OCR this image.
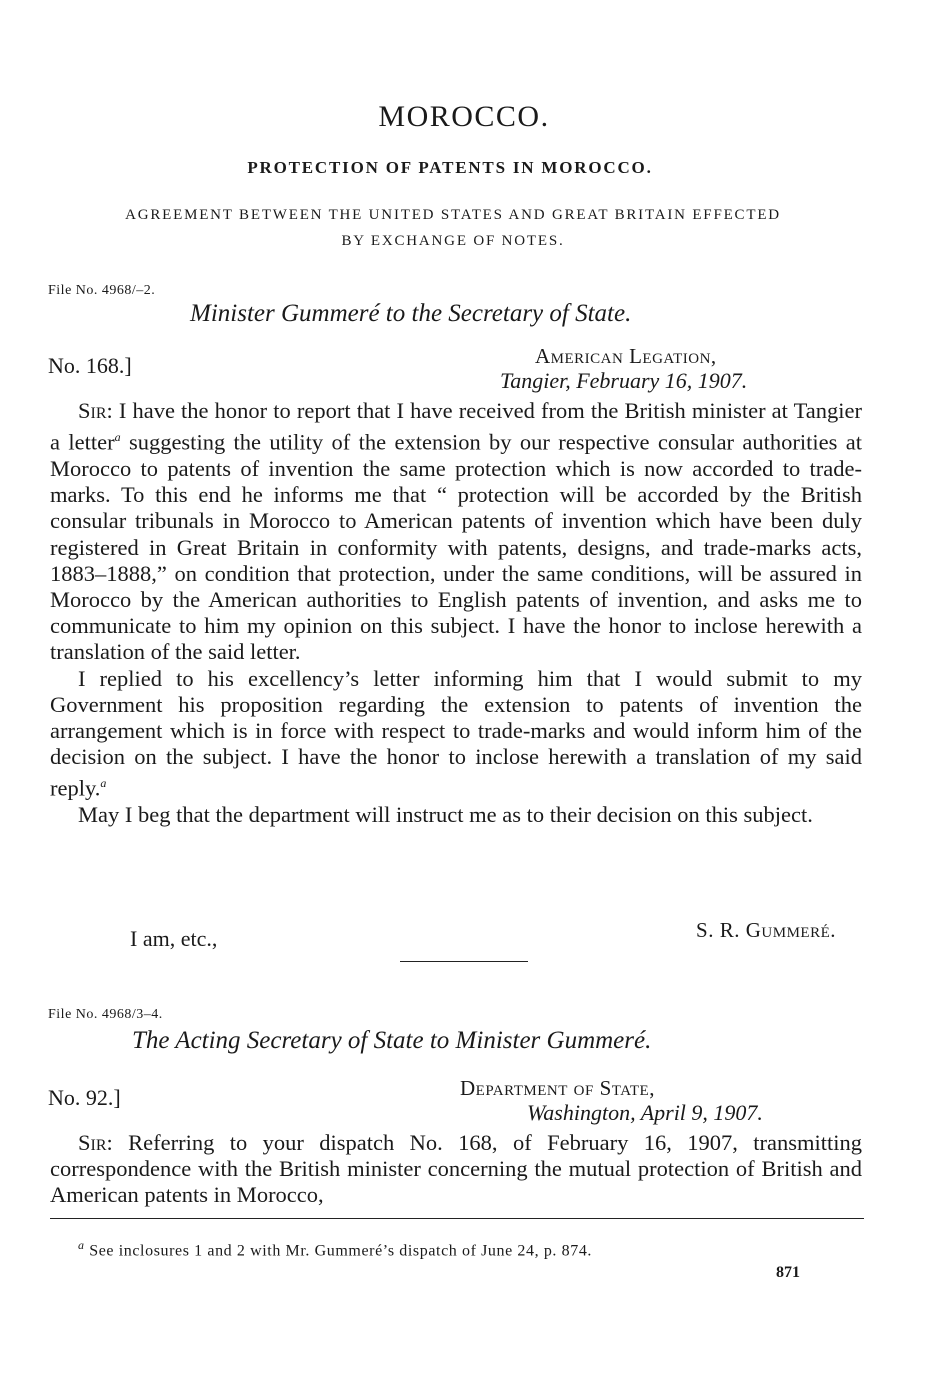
MOROCCO.
PROTECTION OF PATENTS IN MOROCCO.
AGREEMENT BETWEEN THE UNITED STATES AND GREAT BRITAIN EFFECTED
BY EXCHANGE OF NOTES.
File No. 4968/–2.
Minister Gummeré to the Secretary of State.
No. 168.]	American Legation,
Tangier, February 16, 1907.

Sir: I have the honor to report that I have received from the British minister at Tangier a letter$^a$ suggesting the utility of the extension by our respective consular authorities at Morocco to patents of invention the same protection which is now accorded to trade-marks. To this end he informs me that “ protection will be accorded by the British consular tribunals in Morocco to American patents of invention which have been duly registered in Great Britain in conformity with patents, designs, and trade-marks acts, 1883–1888,” on condition that protection, under the same conditions, will be assured in Morocco by the American authorities to English patents of invention, and asks me to communicate to him my opinion on this subject. I have the honor to inclose herewith a translation of the said letter.

I replied to his excellency’s letter informing him that I would submit to my Government his proposition regarding the extension to patents of invention the arrangement which is in force with respect to trade-marks and would inform him of the decision on the subject. I have the honor to inclose herewith a translation of my said reply.$^a$

May I beg that the department will instruct me as to their decision on this subject.

I am, etc.,	S. R. Gummeré.
File No. 4968/3–4.
The Acting Secretary of State to Minister Gummeré.
No. 92.]	Department of State,
Washington, April 9, 1907.

Sir: Referring to your dispatch No. 168, of February 16, 1907, transmitting correspondence with the British minister concerning the mutual protection of British and American patents in Morocco,

$^a$ See inclosures 1 and 2 with Mr. Gummeré’s dispatch of June 24, p. 874.
871
